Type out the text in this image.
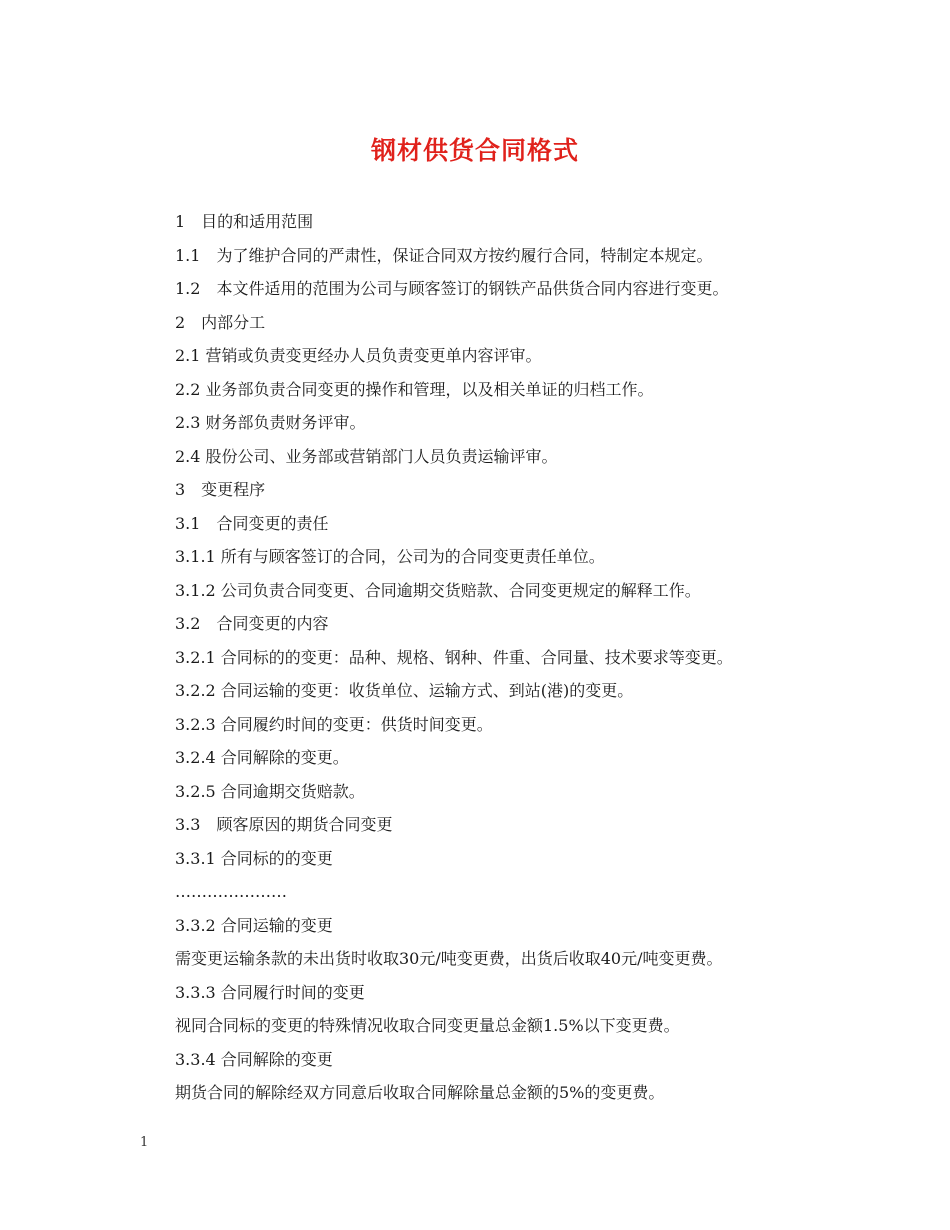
钢材供货合同格式
1　目的和适用范围
1.1　为了维护合同的严肃性，保证合同双方按约履行合同，特制定本规定。
1.2　本文件适用的范围为公司与顾客签订的钢铁产品供货合同内容进行变更。
2　内部分工
2.1 营销或负责变更经办人员负责变更单内容评审。
2.2 业务部负责合同变更的操作和管理，以及相关单证的归档工作。
2.3 财务部负责财务评审。
2.4 股份公司、业务部或营销部门人员负责运输评审。
3　变更程序
3.1　合同变更的责任
3.1.1 所有与顾客签订的合同，公司为的合同变更责任单位。
3.1.2 公司负责合同变更、合同逾期交货赔款、合同变更规定的解释工作。
3.2　合同变更的内容
3.2.1 合同标的的变更：品种、规格、钢种、件重、合同量、技术要求等变更。
3.2.2 合同运输的变更：收货单位、运输方式、到站(港)的变更。
3.2.3 合同履约时间的变更：供货时间变更。
3.2.4 合同解除的变更。
3.2.5 合同逾期交货赔款。
3.3　顾客原因的期货合同变更
3.3.1 合同标的的变更
…………………
3.3.2 合同运输的变更
需变更运输条款的未出货时收取30元/吨变更费，出货后收取40元/吨变更费。
3.3.3 合同履行时间的变更
视同合同标的变更的特殊情况收取合同变更量总金额1.5%以下变更费。
3.3.4 合同解除的变更
期货合同的解除经双方同意后收取合同解除量总金额的5%的变更费。
1
